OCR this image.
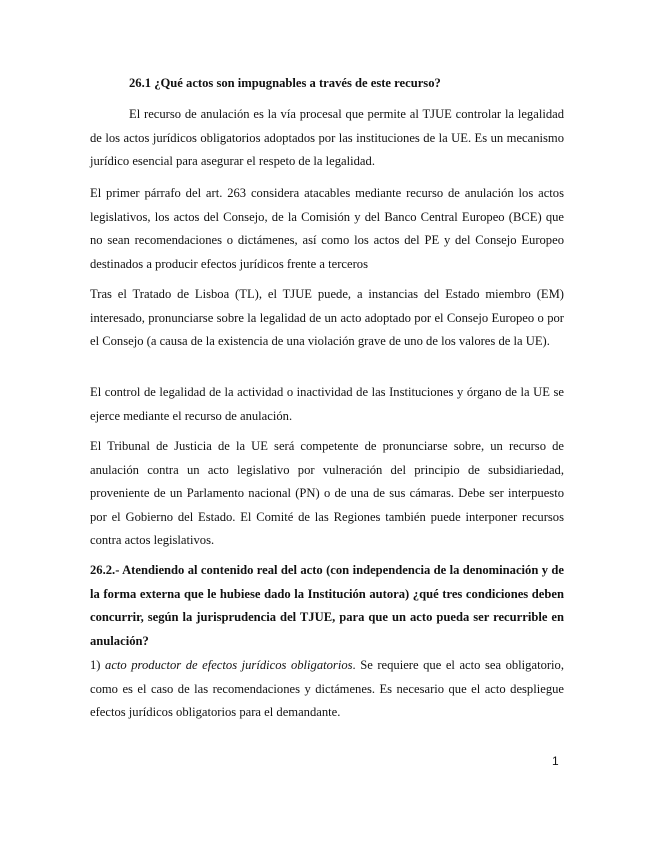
26.1 ¿Qué actos son impugnables a través de este recurso?
El recurso de anulación es la vía procesal que permite al TJUE controlar la legalidad de los actos jurídicos obligatorios adoptados por las instituciones de la UE. Es un mecanismo jurídico esencial para asegurar el respeto de la legalidad.
El primer párrafo del art. 263 considera atacables mediante recurso de anulación los actos legislativos, los actos del Consejo, de la Comisión y del Banco Central Europeo (BCE) que no sean recomendaciones o dictámenes, así como los actos del PE y del Consejo Europeo destinados a producir efectos jurídicos frente a terceros
Tras el Tratado de Lisboa (TL), el TJUE puede, a instancias del Estado miembro (EM) interesado, pronunciarse sobre la legalidad de un acto adoptado por el Consejo Europeo o por el Consejo (a causa de la existencia de una violación grave de uno de los valores de la UE).
El control de legalidad de la actividad o inactividad de las Instituciones y órgano de la UE se ejerce mediante el recurso de anulación.
El Tribunal de Justicia de la UE será competente de pronunciarse sobre, un recurso de anulación contra un acto legislativo por vulneración del principio de subsidiariedad, proveniente de un Parlamento nacional (PN) o de una de sus cámaras. Debe ser interpuesto por el Gobierno del Estado. El Comité de las Regiones también puede interponer recursos contra actos legislativos.
26.2.- Atendiendo al contenido real del acto (con independencia de la denominación y de la forma externa que le hubiese dado la Institución autora) ¿qué tres condiciones deben concurrir, según la jurisprudencia del TJUE, para que un acto pueda ser recurrible en anulación?
1) acto productor de efectos jurídicos obligatorios. Se requiere que el acto sea obligatorio, como es el caso de las recomendaciones y dictámenes. Es necesario que el acto despliegue efectos jurídicos obligatorios para el demandante.
1
